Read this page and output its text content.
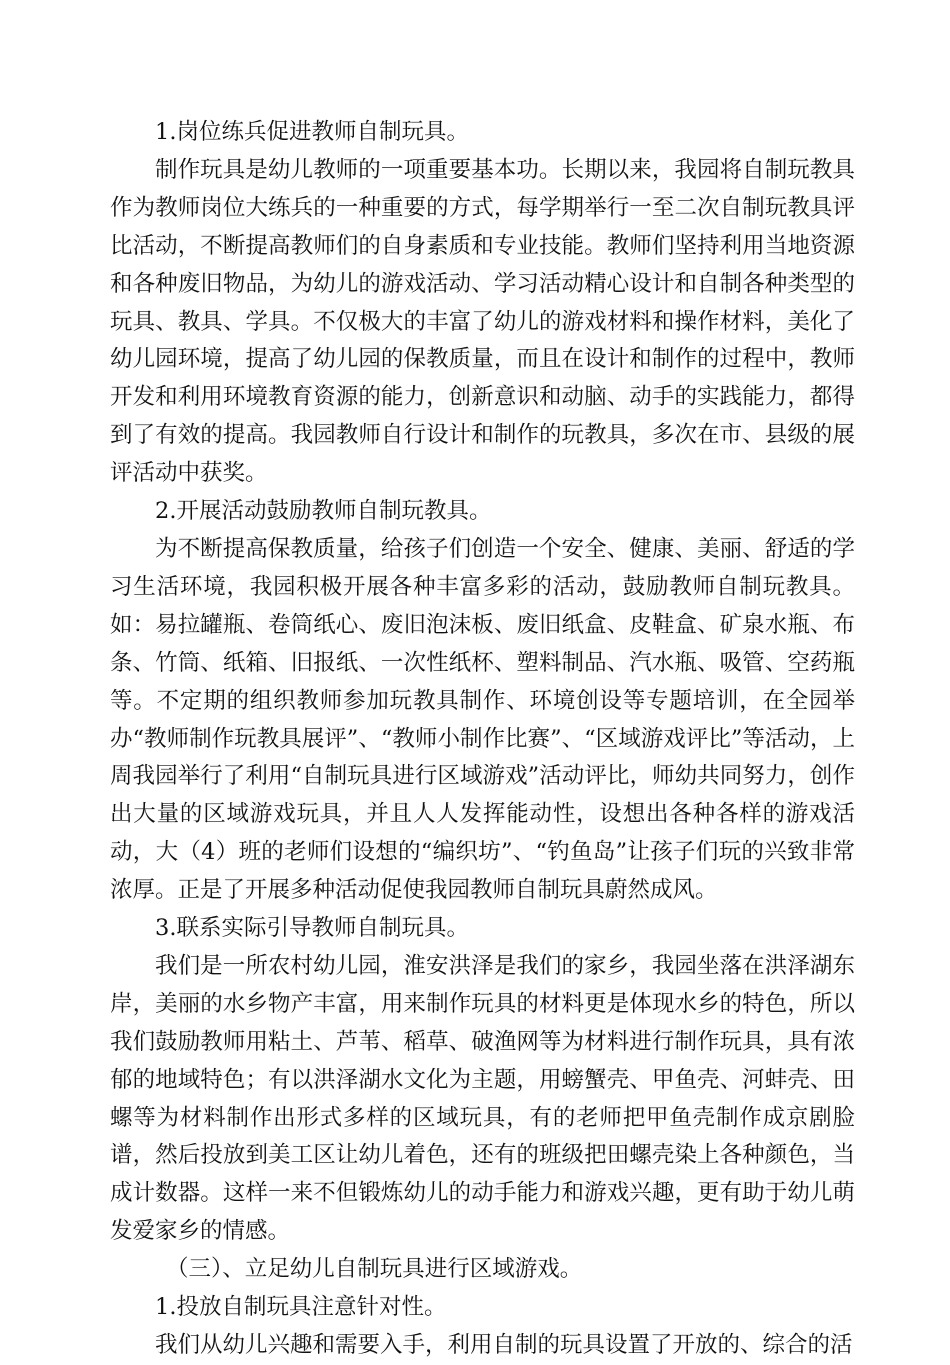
1.岗位练兵促进教师自制玩具。

制作玩具是幼儿教师的一项重要基本功。长期以来，我园将自制玩教具作为教师岗位大练兵的一种重要的方式，每学期举行一至二次自制玩教具评比活动，不断提高教师们的自身素质和专业技能。教师们坚持利用当地资源和各种废旧物品，为幼儿的游戏活动、学习活动精心设计和自制各种类型的玩具、教具、学具。不仅极大的丰富了幼儿的游戏材料和操作材料，美化了幼儿园环境，提高了幼儿园的保教质量，而且在设计和制作的过程中，教师开发和利用环境教育资源的能力，创新意识和动脑、动手的实践能力，都得到了有效的提高。我园教师自行设计和制作的玩教具，多次在市、县级的展评活动中获奖。

2.开展活动鼓励教师自制玩教具。

为不断提高保教质量，给孩子们创造一个安全、健康、美丽、舒适的学习生活环境，我园积极开展各种丰富多彩的活动，鼓励教师自制玩教具。如：易拉罐瓶、卷筒纸心、废旧泡沫板、废旧纸盒、皮鞋盒、矿泉水瓶、布条、竹筒、纸箱、旧报纸、一次性纸杯、塑料制品、汽水瓶、吸管、空药瓶等。不定期的组织教师参加玩教具制作、环境创设等专题培训，在全园举办“教师制作玩教具展评”、“教师小制作比赛”、“区域游戏评比”等活动，上周我园举行了利用“自制玩具进行区域游戏”活动评比，师幼共同努力，创作出大量的区域游戏玩具，并且人人发挥能动性，设想出各种各样的游戏活动，大（4）班的老师们设想的“编织坊”、“钓鱼岛”让孩子们玩的兴致非常浓厚。正是了开展多种活动促使我园教师自制玩具蔚然成风。

3.联系实际引导教师自制玩具。

我们是一所农村幼儿园，淮安洪泽是我们的家乡，我园坐落在洪泽湖东岸，美丽的水乡物产丰富，用来制作玩具的材料更是体现水乡的特色，所以我们鼓励教师用粘土、芦苇、稻草、破渔网等为材料进行制作玩具，具有浓郁的地域特色；有以洪泽湖水文化为主题，用螃蟹壳、甲鱼壳、河蚌壳、田螺等为材料制作出形式多样的区域玩具，有的老师把甲鱼壳制作成京剧脸谱，然后投放到美工区让幼儿着色，还有的班级把田螺壳染上各种颜色，当成计数器。这样一来不但锻炼幼儿的动手能力和游戏兴趣，更有助于幼儿萌发爱家乡的情感。

（三）、立足幼儿自制玩具进行区域游戏。

1.投放自制玩具注意针对性。

我们从幼儿兴趣和需要入手，利用自制的玩具设置了开放的、综合的活
